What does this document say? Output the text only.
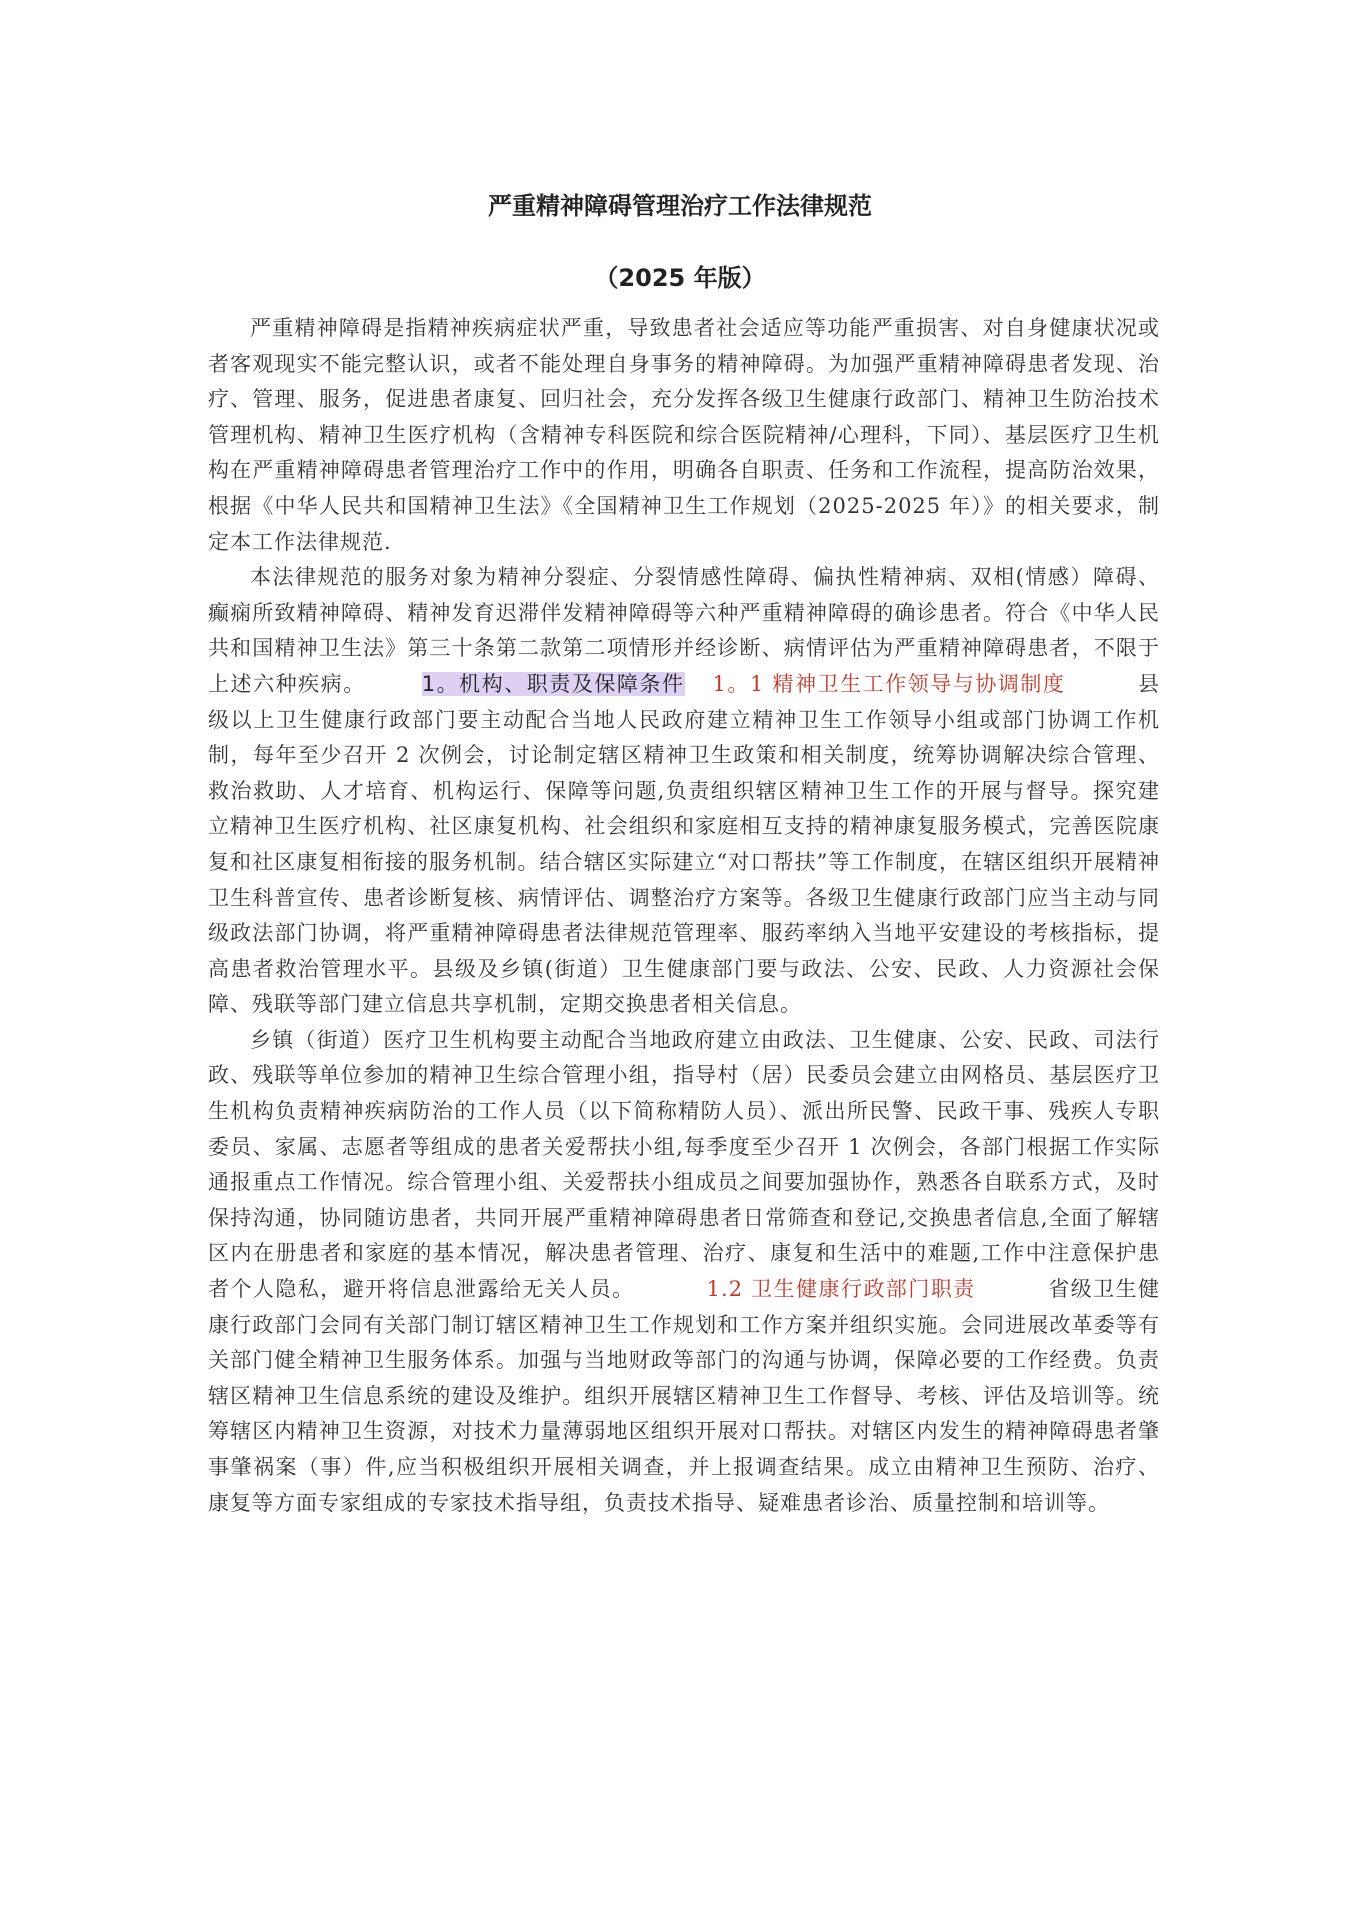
严重精神障碍管理治疗工作法律规范
（2025 年版）

严重精神障碍是指精神疾病症状严重，导致患者社会适应等功能严重损害、对自身健康状况或者客观现实不能完整认识，或者不能处理自身事务的精神障碍。为加强严重精神障碍患者发现、治疗、管理、服务，促进患者康复、回归社会，充分发挥各级卫生健康行政部门、精神卫生防治技术管理机构、精神卫生医疗机构（含精神专科医院和综合医院精神/心理科，下同）、基层医疗卫生机构在严重精神障碍患者管理治疗工作中的作用，明确各自职责、任务和工作流程，提高防治效果，根据《中华人民共和国精神卫生法》《全国精神卫生工作规划（2025-2025 年）》的相关要求，制定本工作法律规范.

本法律规范的服务对象为精神分裂症、分裂情感性障碍、偏执性精神病、双相(情感）障碍、癫痫所致精神障碍、精神发育迟滞伴发精神障碍等六种严重精神障碍的确诊患者。符合《中华人民共和国精神卫生法》第三十条第二款第二项情形并经诊断、病情评估为严重精神障碍患者，不限于上述六种疾病。	1。机构、职责及保障条件 1。1 精神卫生工作领导与协调制度	县级以上卫生健康行政部门要主动配合当地人民政府建立精神卫生工作领导小组或部门协调工作机制，每年至少召开 2 次例会，讨论制定辖区精神卫生政策和相关制度，统筹协调解决综合管理、救治救助、人才培育、机构运行、保障等问题,负责组织辖区精神卫生工作的开展与督导。探究建立精神卫生医疗机构、社区康复机构、社会组织和家庭相互支持的精神康复服务模式，完善医院康复和社区康复相衔接的服务机制。结合辖区实际建立“对口帮扶”等工作制度，在辖区组织开展精神卫生科普宣传、患者诊断复核、病情评估、调整治疗方案等。各级卫生健康行政部门应当主动与同级政法部门协调，将严重精神障碍患者法律规范管理率、服药率纳入当地平安建设的考核指标，提高患者救治管理水平。县级及乡镇(街道）卫生健康部门要与政法、公安、民政、人力资源社会保障、残联等部门建立信息共享机制，定期交换患者相关信息。

乡镇（街道）医疗卫生机构要主动配合当地政府建立由政法、卫生健康、公安、民政、司法行政、残联等单位参加的精神卫生综合管理小组，指导村（居）民委员会建立由网格员、基层医疗卫生机构负责精神疾病防治的工作人员（以下简称精防人员）、派出所民警、民政干事、残疾人专职委员、家属、志愿者等组成的患者关爱帮扶小组,每季度至少召开 1 次例会，各部门根据工作实际通报重点工作情况。综合管理小组、关爱帮扶小组成员之间要加强协作，熟悉各自联系方式，及时保持沟通，协同随访患者，共同开展严重精神障碍患者日常筛查和登记,交换患者信息,全面了解辖区内在册患者和家庭的基本情况，解决患者管理、治疗、康复和生活中的难题,工作中注意保护患者个人隐私，避开将信息泄露给无关人员。	1.2 卫生健康行政部门职责	省级卫生健康行政部门会同有关部门制订辖区精神卫生工作规划和工作方案并组织实施。会同进展改革委等有关部门健全精神卫生服务体系。加强与当地财政等部门的沟通与协调，保障必要的工作经费。负责辖区精神卫生信息系统的建设及维护。组织开展辖区精神卫生工作督导、考核、评估及培训等。统筹辖区内精神卫生资源，对技术力量薄弱地区组织开展对口帮扶。对辖区内发生的精神障碍患者肇事肇祸案（事）件,应当积极组织开展相关调查，并上报调查结果。成立由精神卫生预防、治疗、康复等方面专家组成的专家技术指导组，负责技术指导、疑难患者诊治、质量控制和培训等。
